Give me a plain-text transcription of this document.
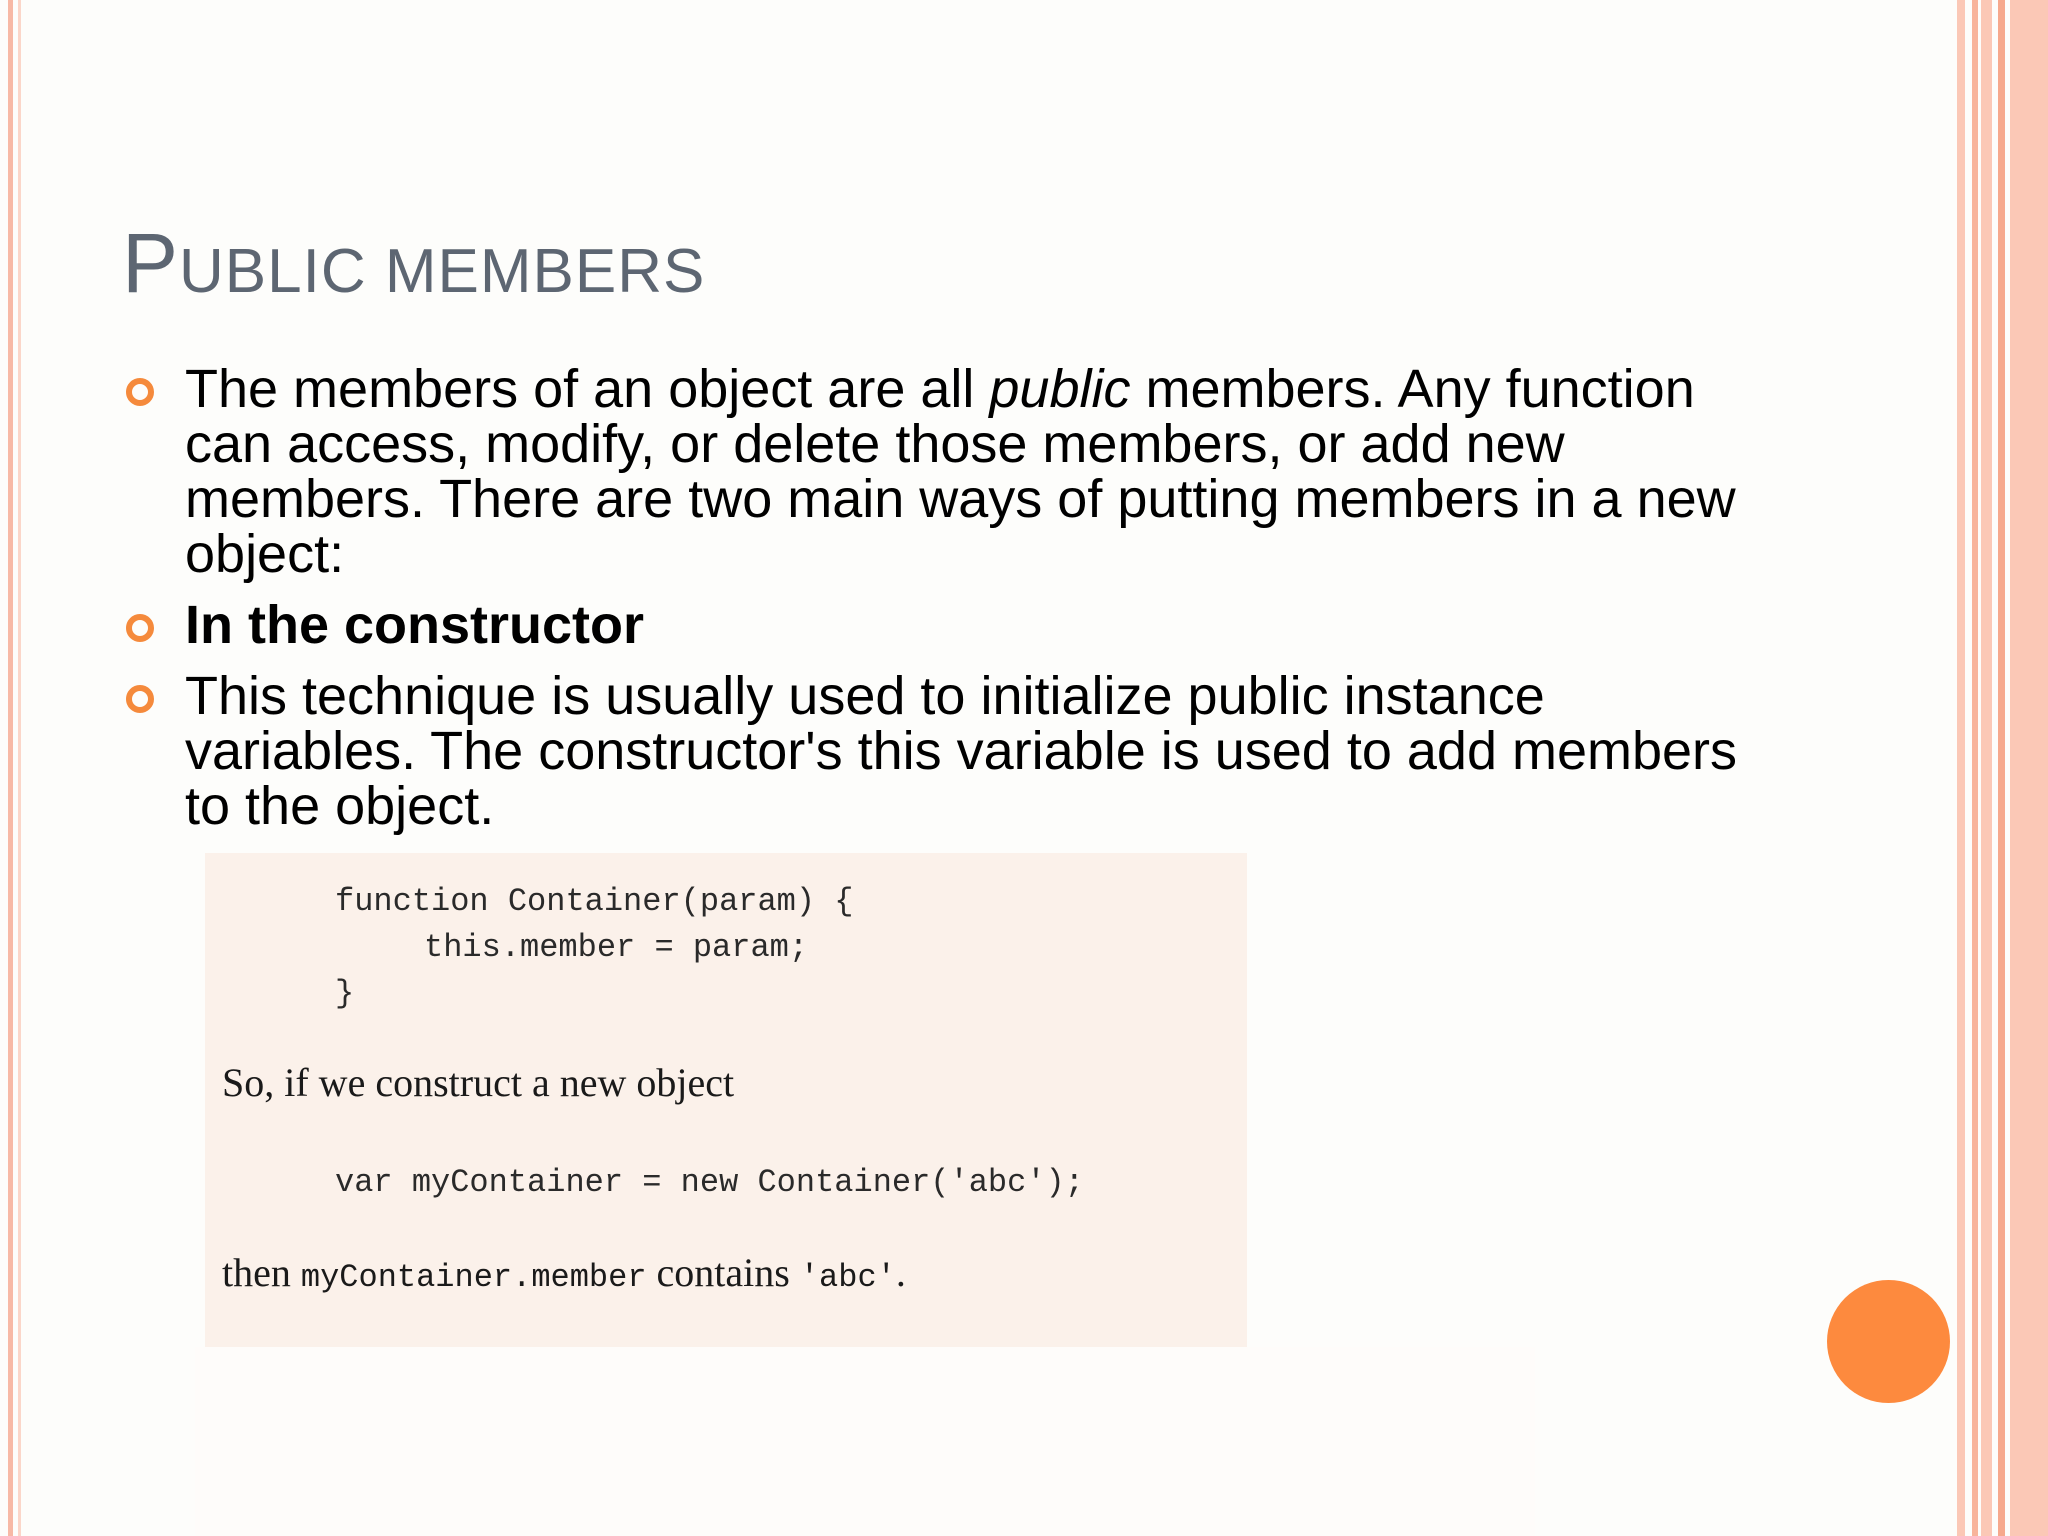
PUBLIC MEMBERS
The members of an object are all public members. Any function can access, modify, or delete those members, or add new members. There are two main ways of putting members in a new object:
In the constructor
This technique is usually used to initialize public instance variables. The constructor's this variable is used to add members to the object.
function Container(param) {
this.member = param;
}
So, if we construct a new object
var myContainer = new Container('abc');
then myContainer.member contains 'abc'.
